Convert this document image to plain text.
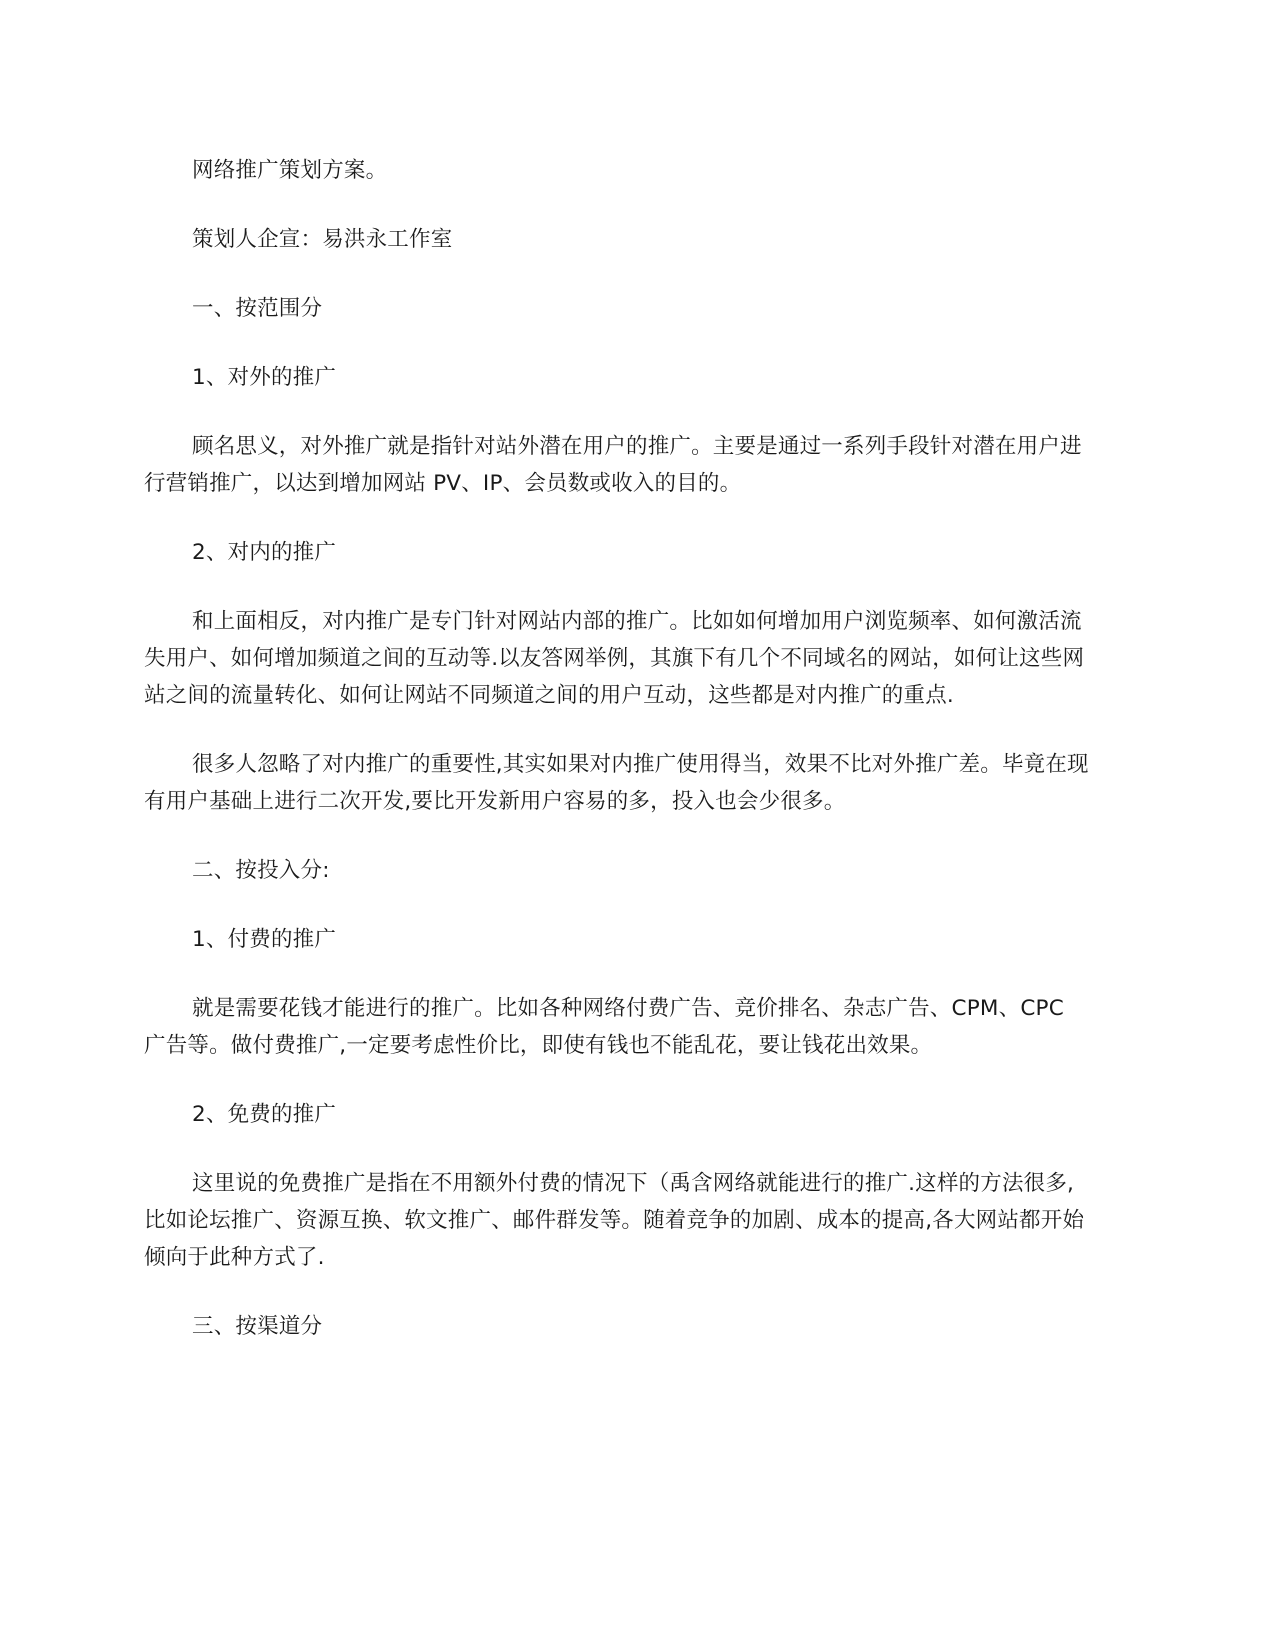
网络推广策划方案。

策划人企宣：易洪永工作室

一、按范围分

1、对外的推广

顾名思义，对外推广就是指针对站外潜在用户的推广。主要是通过一系列手段针对潜在用户进行营销推广，以达到增加网站 PV、IP、会员数或收入的目的。

2、对内的推广

和上面相反，对内推广是专门针对网站内部的推广。比如如何增加用户浏览频率、如何激活流失用户、如何增加频道之间的互动等.以友答网举例，其旗下有几个不同域名的网站，如何让这些网站之间的流量转化、如何让网站不同频道之间的用户互动，这些都是对内推广的重点.

很多人忽略了对内推广的重要性,其实如果对内推广使用得当，效果不比对外推广差。毕竟在现有用户基础上进行二次开发,要比开发新用户容易的多，投入也会少很多。

二、按投入分:

1、付费的推广

就是需要花钱才能进行的推广。比如各种网络付费广告、竞价排名、杂志广告、CPM、CPC 广告等。做付费推广,一定要考虑性价比，即使有钱也不能乱花，要让钱花出效果。

2、免费的推广

这里说的免费推广是指在不用额外付费的情况下（禹含网络就能进行的推广.这样的方法很多,比如论坛推广、资源互换、软文推广、邮件群发等。随着竞争的加剧、成本的提高,各大网站都开始倾向于此种方式了.

三、按渠道分
